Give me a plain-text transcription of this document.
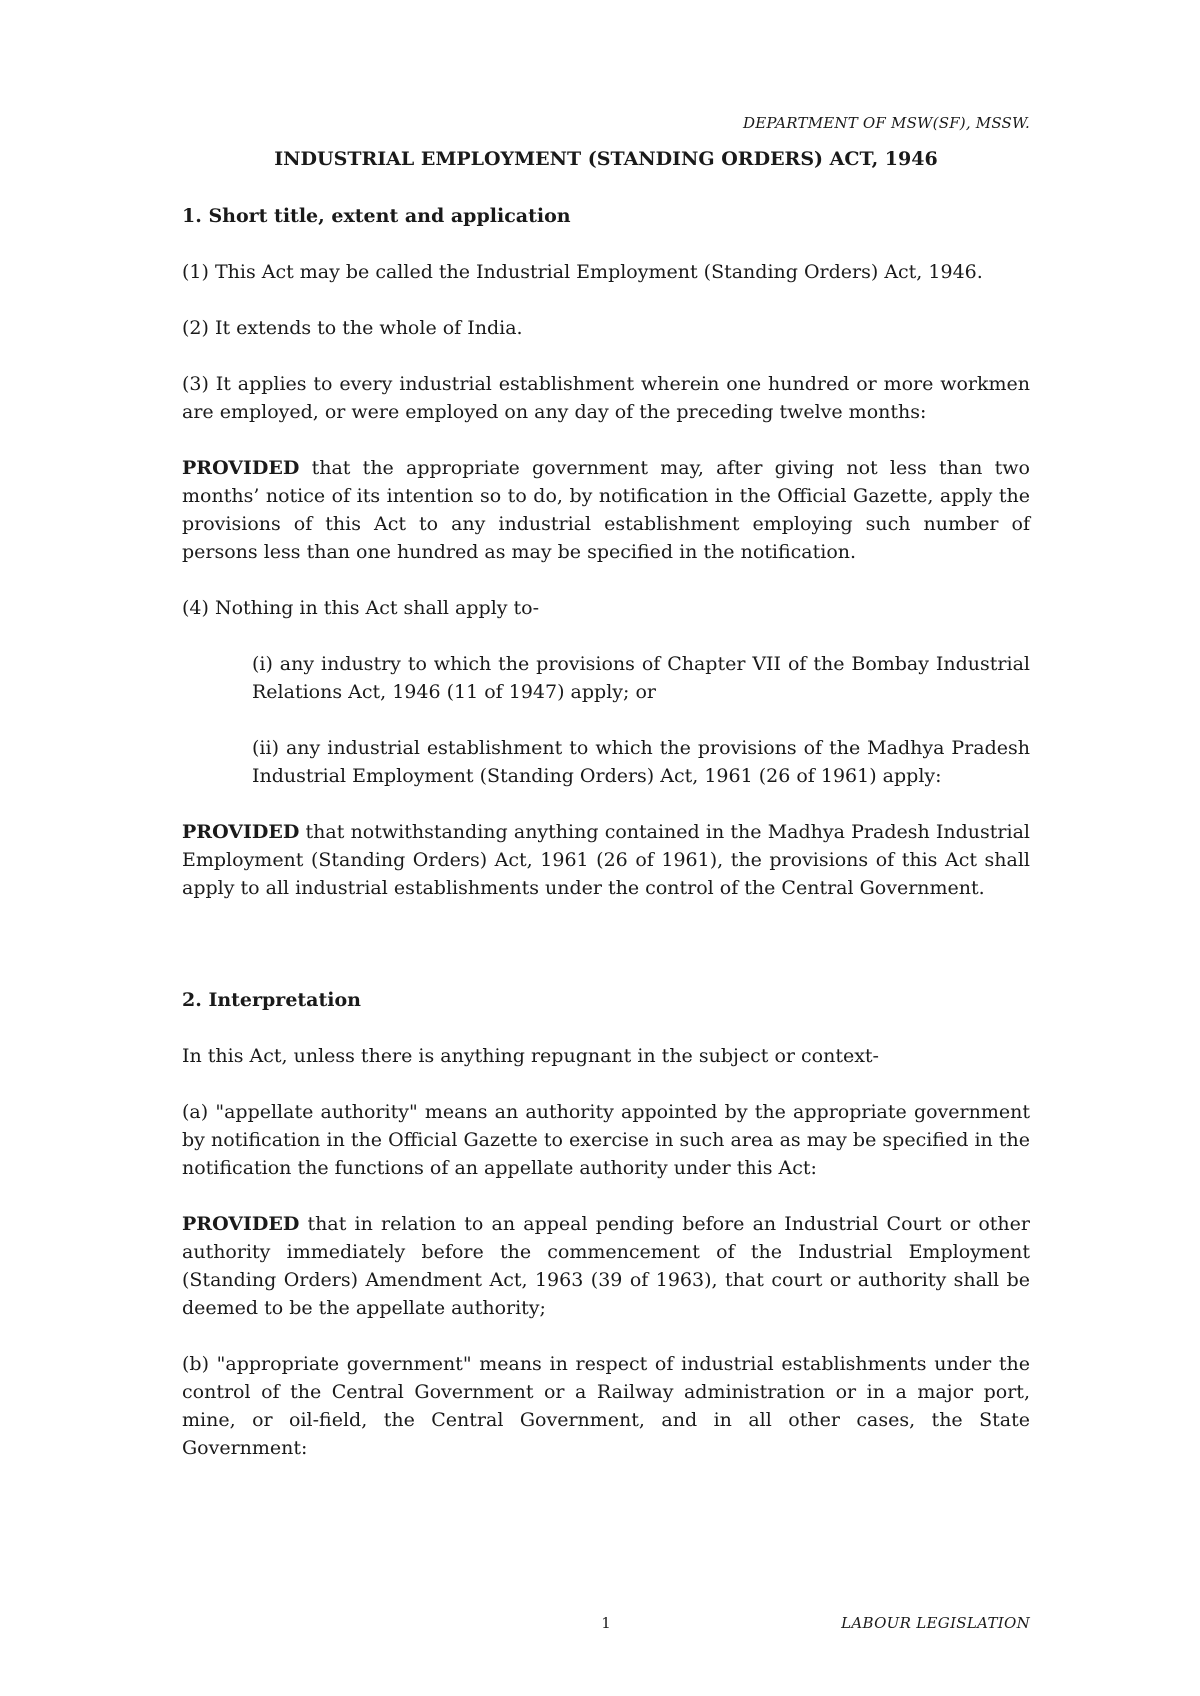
DEPARTMENT OF MSW(SF), MSSW.
INDUSTRIAL EMPLOYMENT (STANDING ORDERS) ACT, 1946
1. Short title, extent and application

(1) This Act may be called the Industrial Employment (Standing Orders) Act, 1946.

(2) It extends to the whole of India.

(3) It applies to every industrial establishment wherein one hundred or more workmen are employed, or were employed on any day of the preceding twelve months:

PROVIDED that the appropriate government may, after giving not less than two months’ notice of its intention so to do, by notification in the Official Gazette, apply the provisions of this Act to any industrial establishment employing such number of persons less than one hundred as may be specified in the notification.

(4) Nothing in this Act shall apply to-

(i) any industry to which the provisions of Chapter VII of the Bombay Industrial Relations Act, 1946 (11 of 1947) apply; or

(ii) any industrial establishment to which the provisions of the Madhya Pradesh Industrial Employment (Standing Orders) Act, 1961 (26 of 1961) apply:

PROVIDED that notwithstanding anything contained in the Madhya Pradesh Industrial Employment (Standing Orders) Act, 1961 (26 of 1961), the provisions of this Act shall apply to all industrial establishments under the control of the Central Government.

2. Interpretation

In this Act, unless there is anything repugnant in the subject or context-

(a) "appellate authority" means an authority appointed by the appropriate government by notification in the Official Gazette to exercise in such area as may be specified in the notification the functions of an appellate authority under this Act:

PROVIDED that in relation to an appeal pending before an Industrial Court or other authority immediately before the commencement of the Industrial Employment (Standing Orders) Amendment Act, 1963 (39 of 1963), that court or authority shall be deemed to be the appellate authority;

(b) "appropriate government" means in respect of industrial establishments under the control of the Central Government or a Railway administration or in a major port, mine, or oil-field, the Central Government, and in all other cases, the State Government:

1	LABOUR LEGISLATION
